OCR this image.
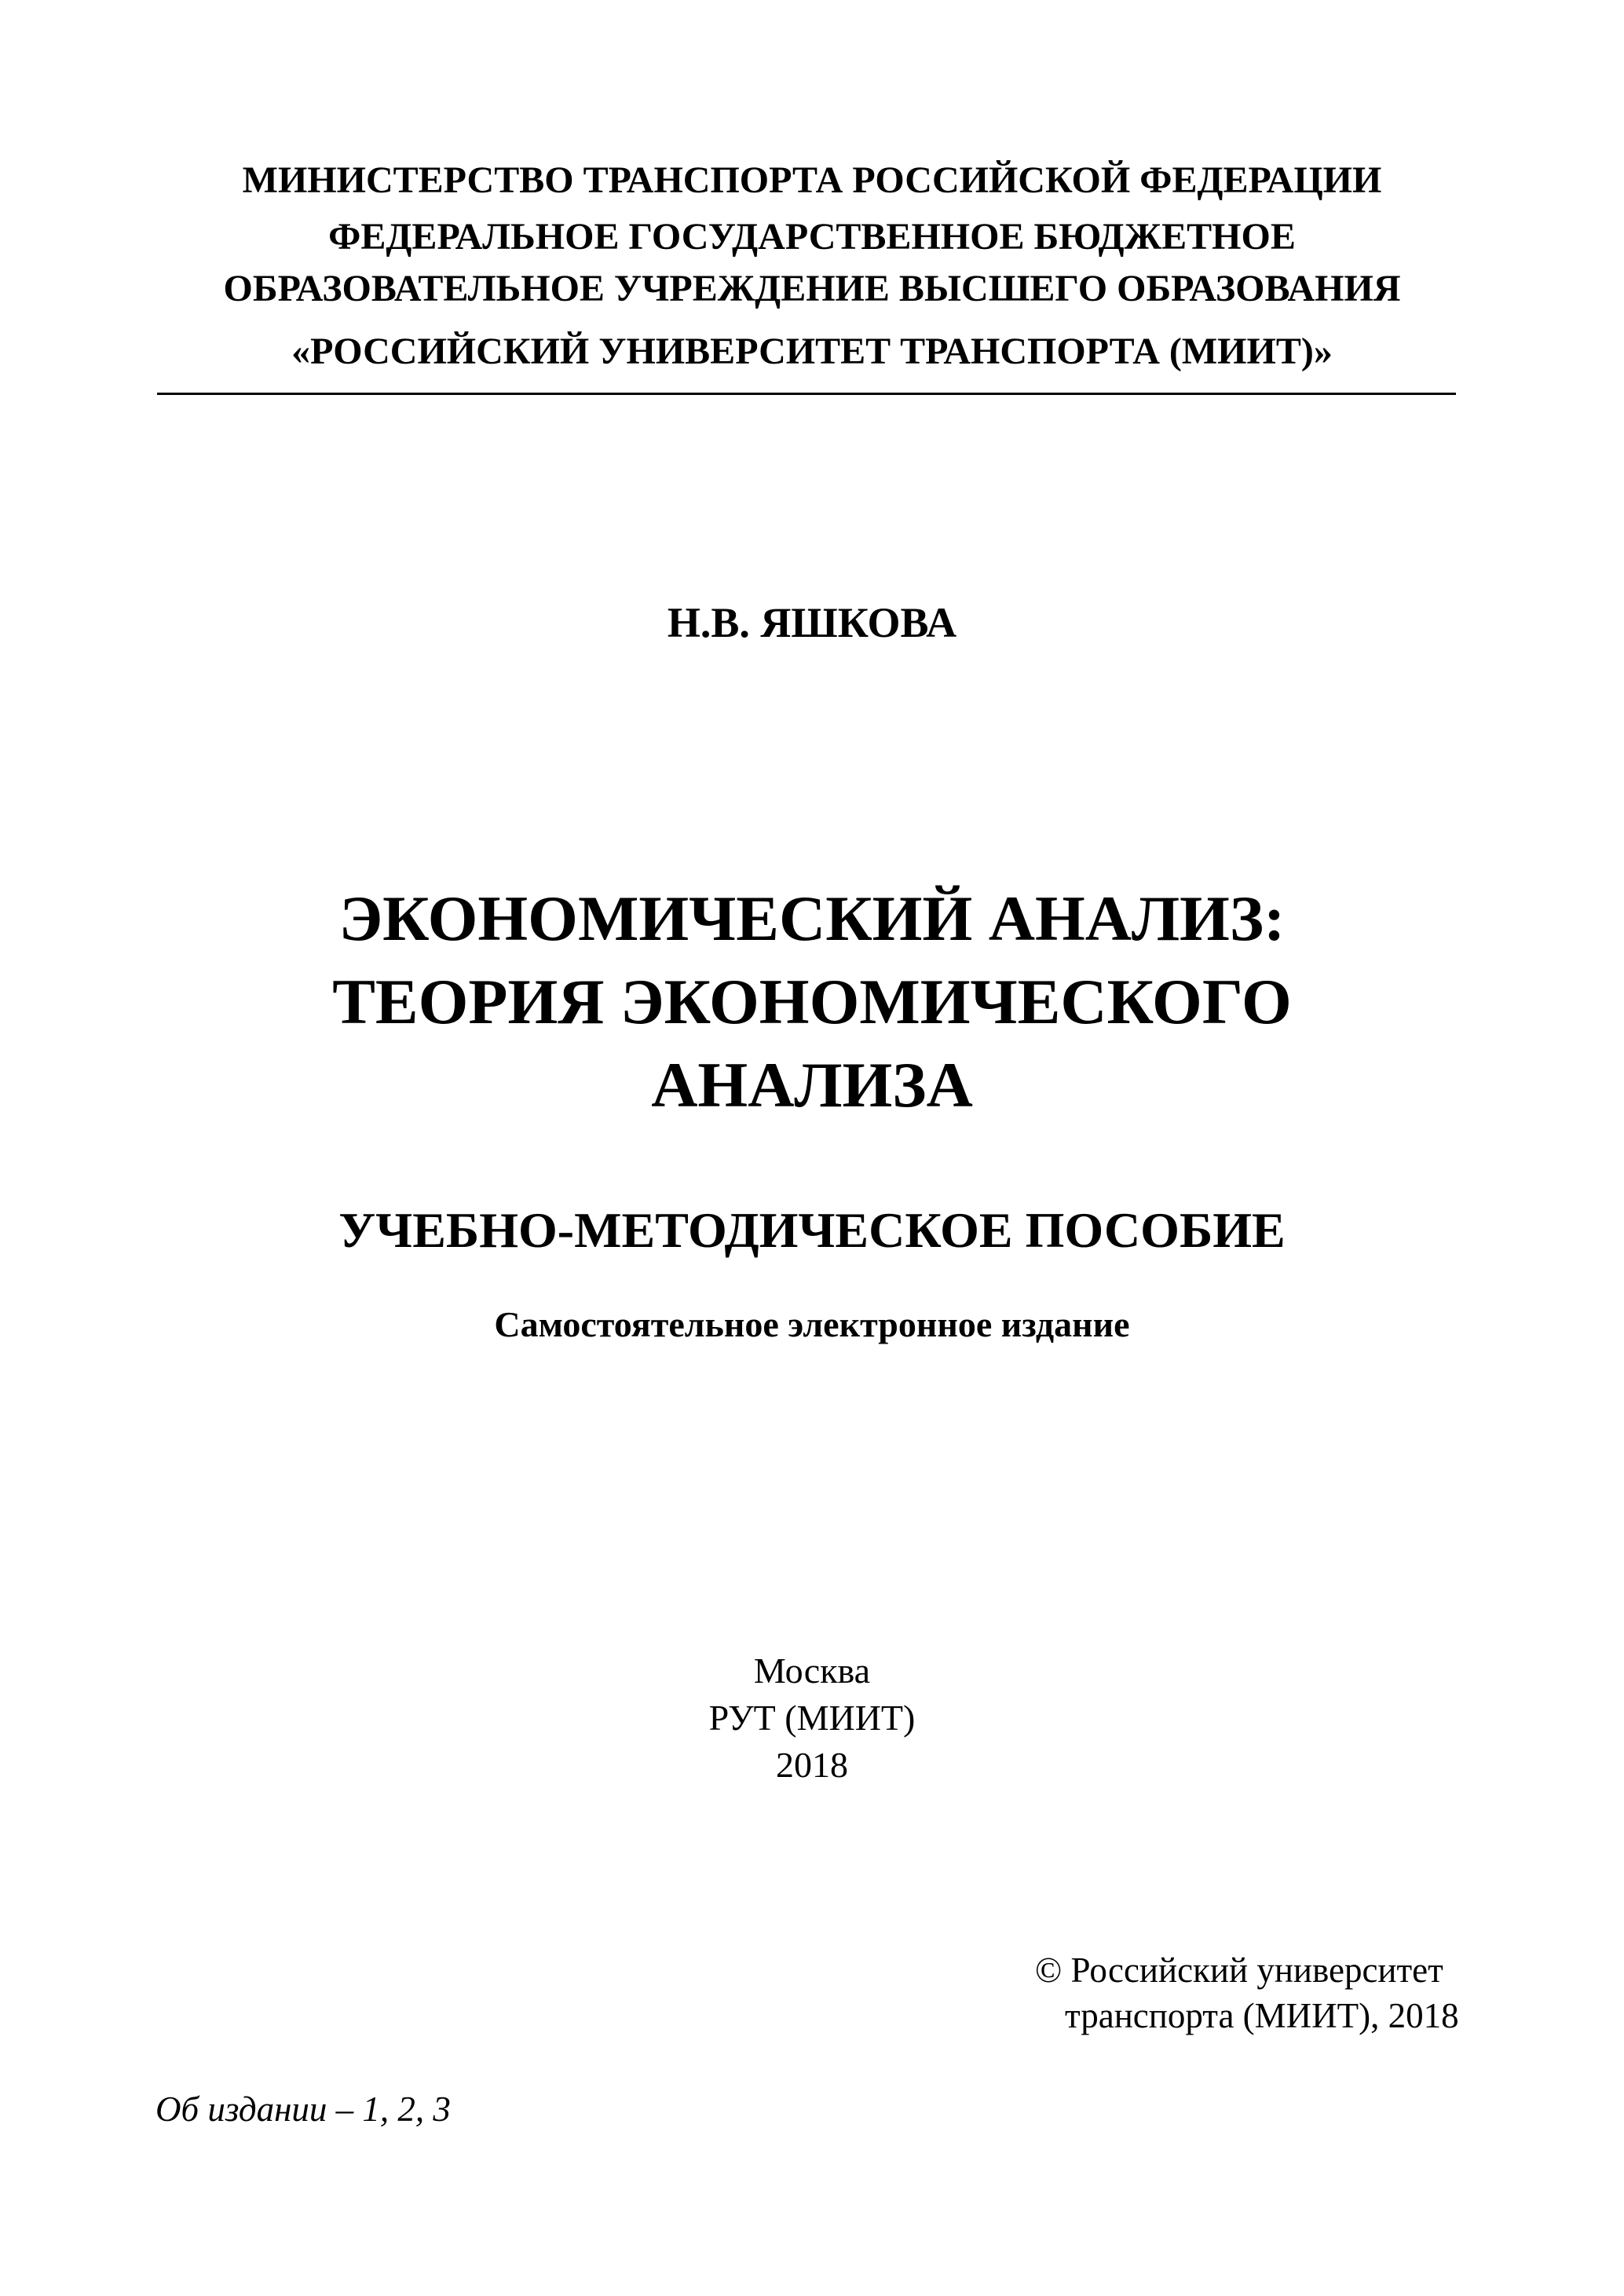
МИНИСТЕРСТВО ТРАНСПОРТА РОССИЙСКОЙ ФЕДЕРАЦИИ
ФЕДЕРАЛЬНОЕ ГОСУДАРСТВЕННОЕ БЮДЖЕТНОЕ
ОБРАЗОВАТЕЛЬНОЕ УЧРЕЖДЕНИЕ ВЫСШЕГО ОБРАЗОВАНИЯ
«РОССИЙСКИЙ УНИВЕРСИТЕТ ТРАНСПОРТА (МИИТ)»
Н.В. ЯШКОВА
ЭКОНОМИЧЕСКИЙ АНАЛИЗ:
ТЕОРИЯ ЭКОНОМИЧЕСКОГО
АНАЛИЗА
УЧЕБНО-МЕТОДИЧЕСКОЕ ПОСОБИЕ
Самостоятельное электронное издание
Москва
РУТ (МИИТ)
2018
© Российский университет
транспорта (МИИТ), 2018
Об издании – 1, 2, 3
